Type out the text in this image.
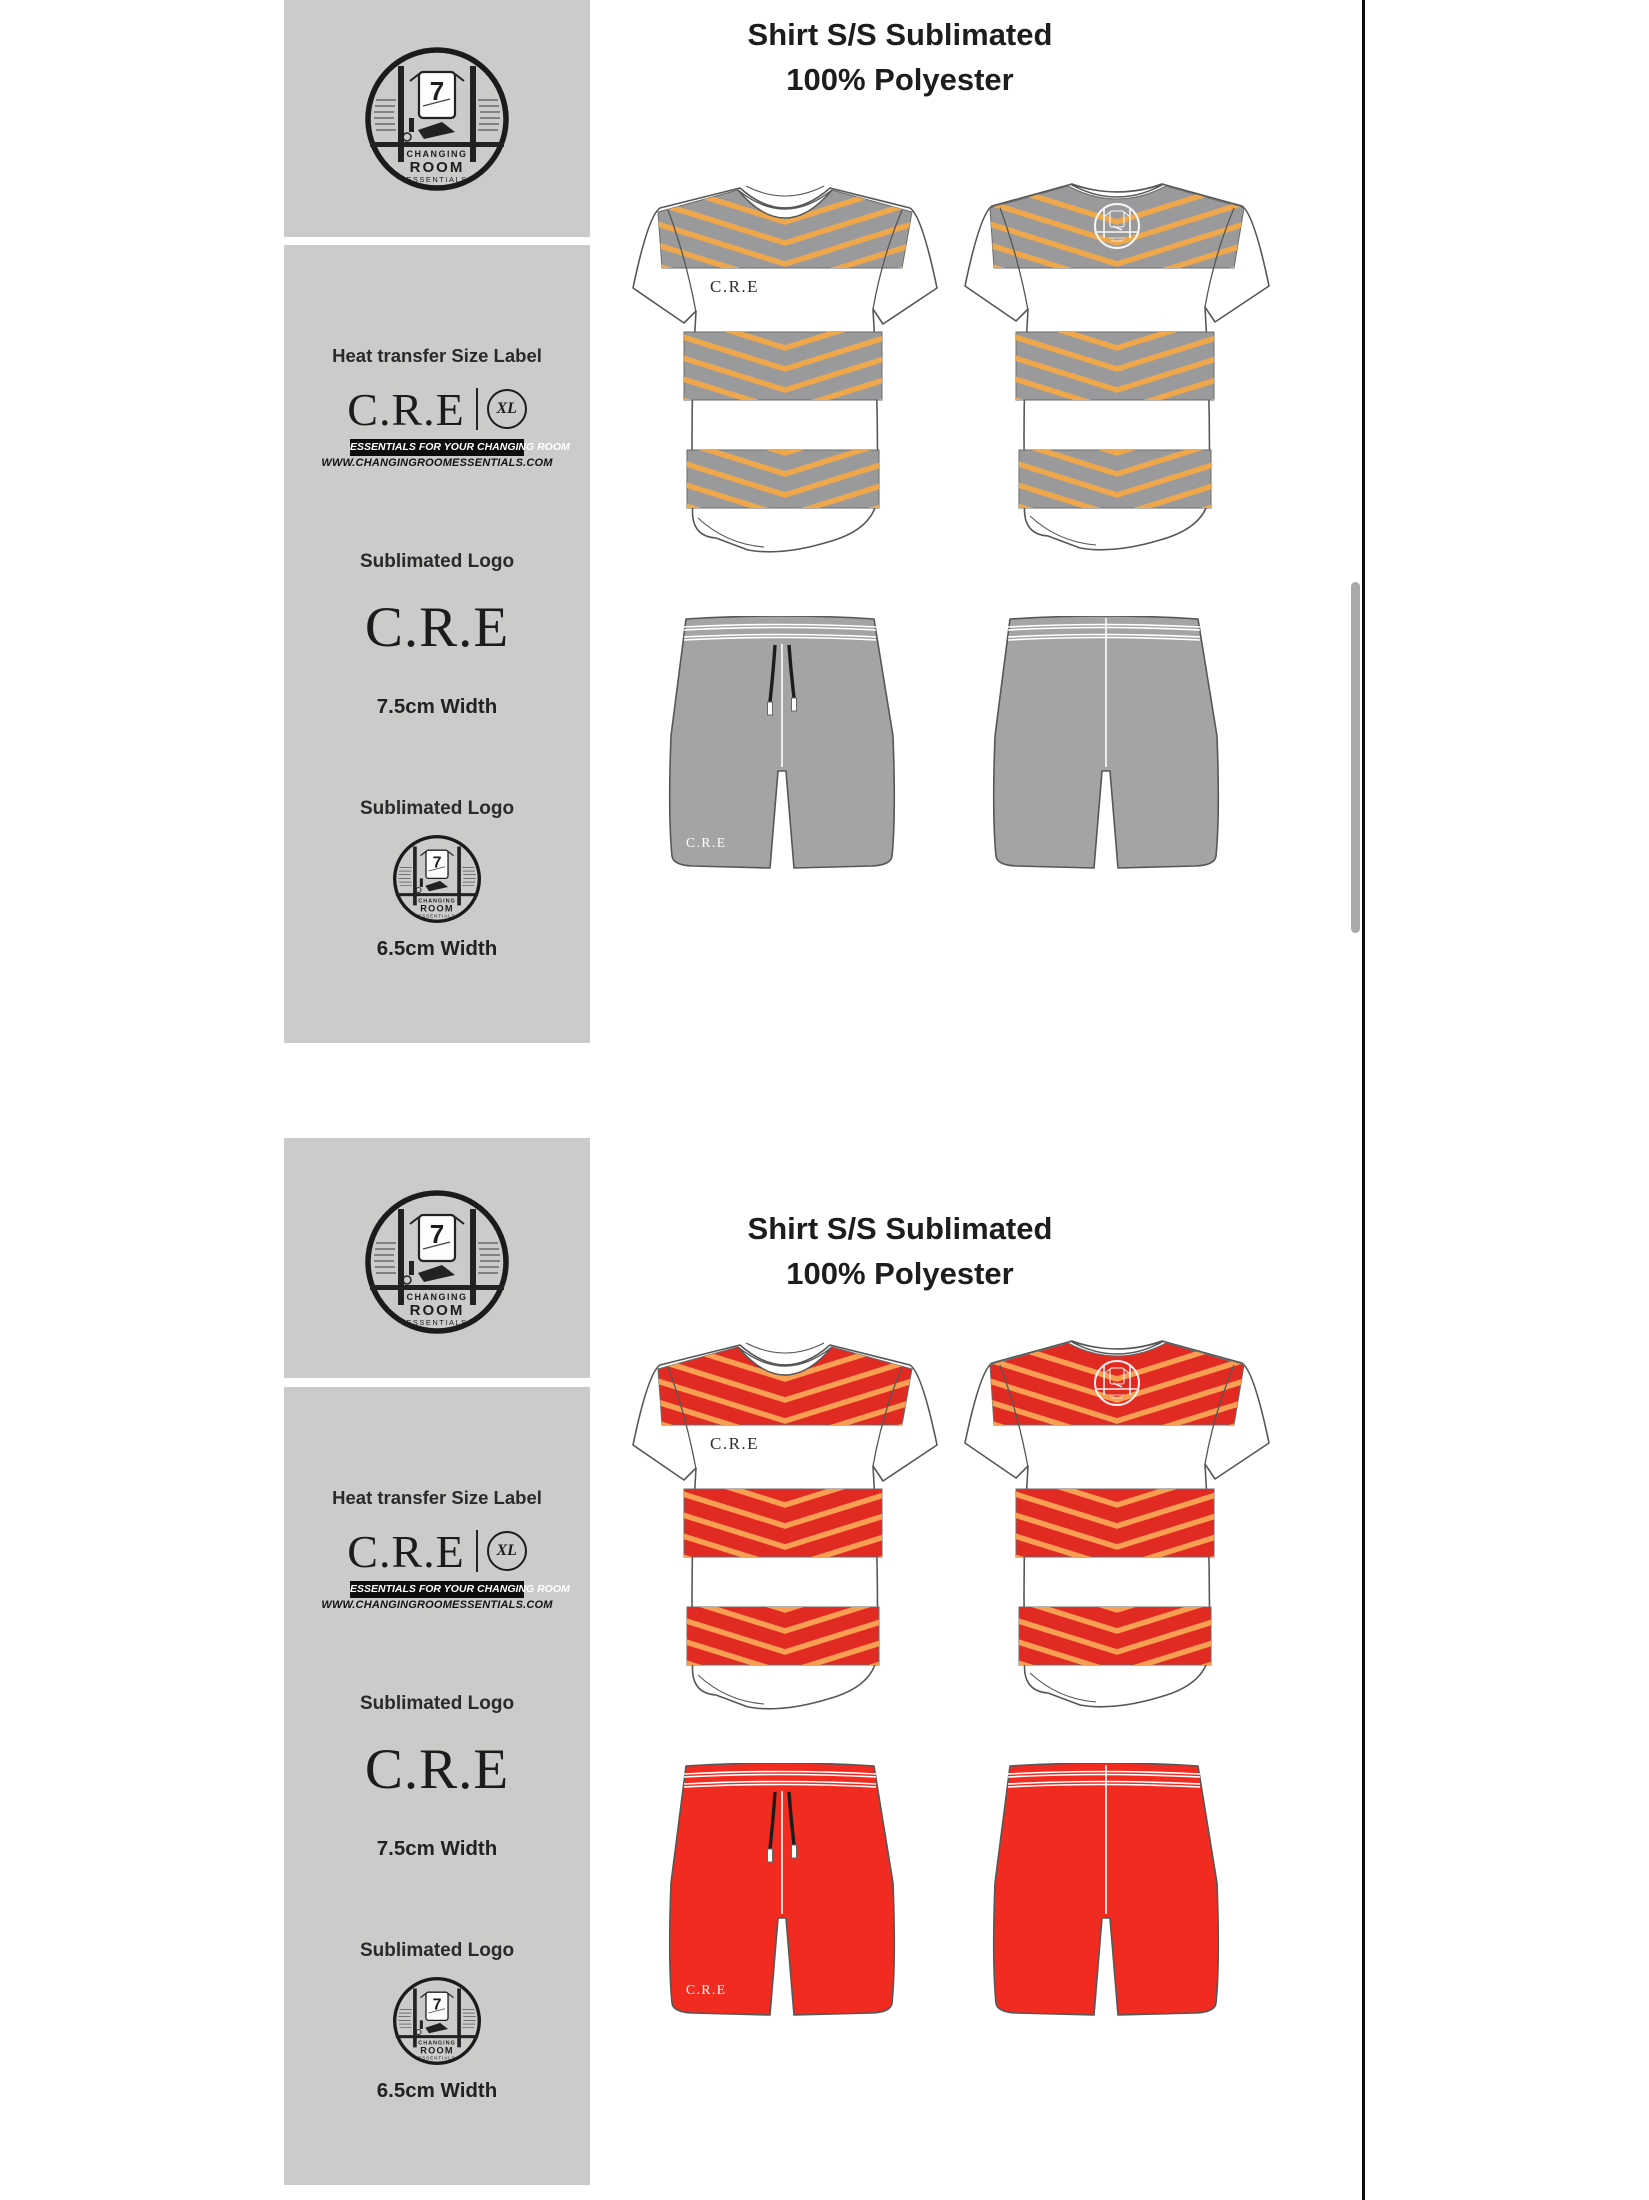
7
CHANGING
ROOM
ESSENTIALS
Heat transfer Size Label
C.R.E	XL
ESSENTIALS FOR YOUR CHANGING ROOM
WWW.CHANGINGROOMESSENTIALS.COM
Sublimated Logo
C.R.E
7.5cm Width
Sublimated Logo
7
CHANGING
ROOM
ESSENTIALS
6.5cm Width
Shirt S/S Sublimated
100% Polyester
C.R.E
C.R.E
7
CHANGING
ROOM
ESSENTIALS
Heat transfer Size Label
C.R.E	XL
ESSENTIALS FOR YOUR CHANGING ROOM
WWW.CHANGINGROOMESSENTIALS.COM
Sublimated Logo
C.R.E
7.5cm Width
Sublimated Logo
7
CHANGING
ROOM
ESSENTIALS
6.5cm Width
Shirt S/S Sublimated
100% Polyester
C.R.E
C.R.E
